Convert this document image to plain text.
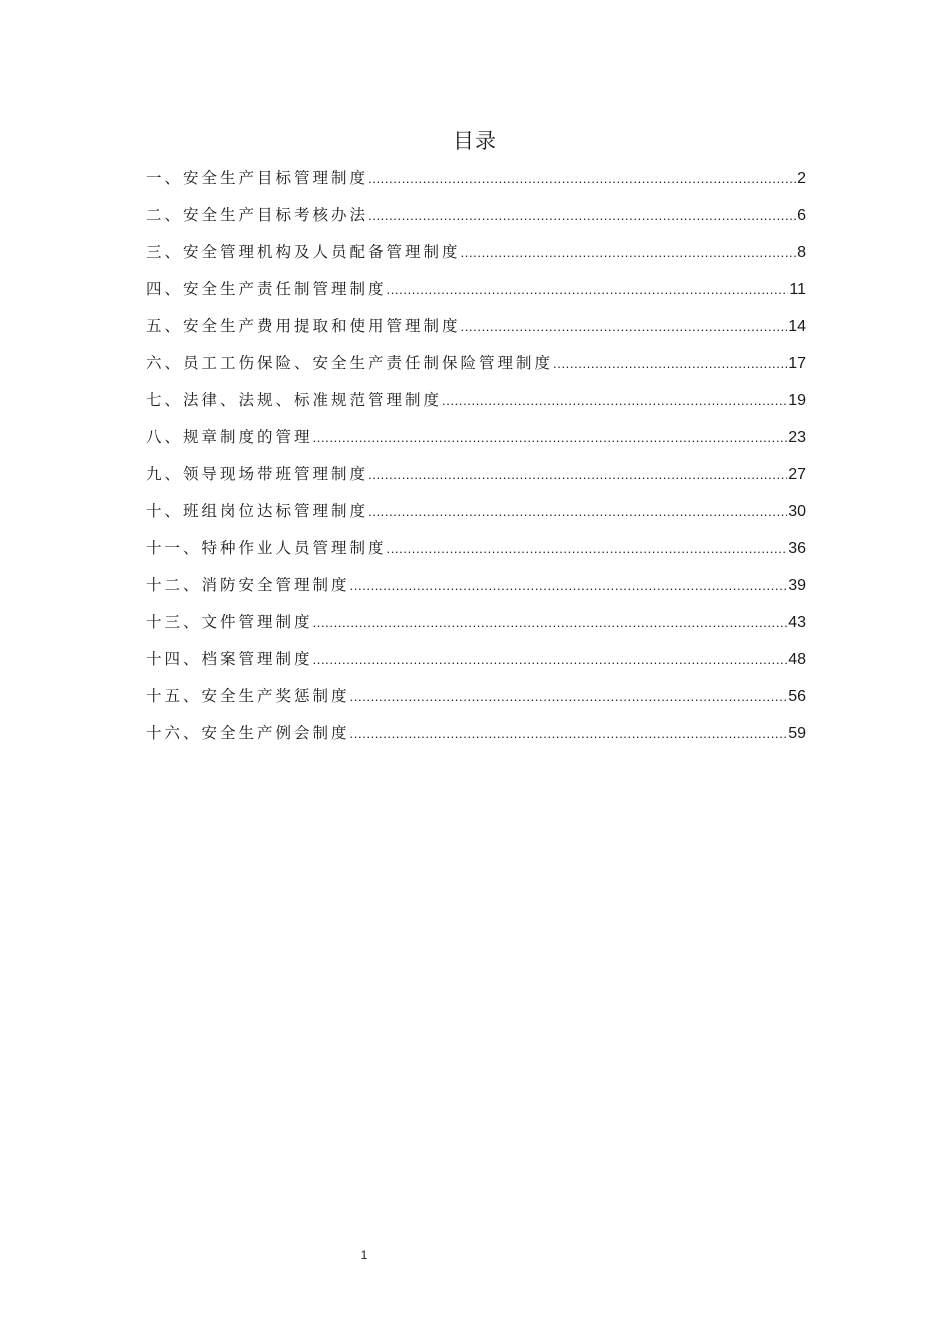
目录
一、安全生产目标管理制度 .....	2
二、安全生产目标考核办法 .....	6
三、安全管理机构及人员配备管理制度 .....	8
四、安全生产责任制管理制度 .....	11
五、安全生产费用提取和使用管理制度 .....	14
六、员工工伤保险、安全生产责任制保险管理制度 .....	17
七、法律、法规、标准规范管理制度 .....	19
八、规章制度的管理 .....	23
九、领导现场带班管理制度 .....	27
十、班组岗位达标管理制度 .....	30
十一、特种作业人员管理制度 .....	36
十二、消防安全管理制度 .....	39
十三、文件管理制度 .....	43
十四、档案管理制度 .....	48
十五、安全生产奖惩制度 .....	56
十六、安全生产例会制度 .....	59
1
